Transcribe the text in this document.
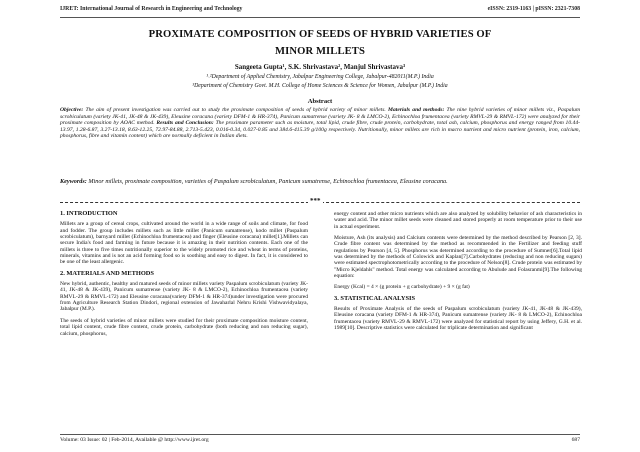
IJRET: International Journal of Research in Engineering and Technology	eISSN: 2319-1163 | pISSN: 2321-7308
PROXIMATE COMPOSITION OF SEEDS OF HYBRID VARIETIES OF
MINOR MILLETS
Sangeeta Gupta¹, S.K. Shrivastava², Manjul Shrivastava³
¹˒²Department of Applied Chemistry, Jabalpur Engineering College, Jabalpur-482011(M.P.) India
³Department of Chemistry Govt. M.H. College of Home Sciences & Science for Women, Jabalpur (M.P.) India
Abstract
Objective: The aim of present investigation was carried out to study the proximate composition of seeds of hybrid variety of minor millets. Materials and methods: The nine hybrid varieties of minor millets viz., Paspalum scrobiculatum (variety JK-41, JK-48 & JK-439), Eleusine coracana (variety DFM-1 & HR-374), Panicum sumatrense (variety JK- 8 & LMCO-2), Echinochloa frumentacea (variety RMVL-29 & RMVL-172) were analyzed for their proximate composition by AOAC method. Results and Conclusion: The proximate parameter such as moisture, total lipid, crude fibre, crude protein, carbohydrate, total ash, calcium, phosphorus and energy ranged from 10.44-13.97, 1.28-6.87, 3.27-13.18, 8.63-12.25, 72.97-84.88, 2.713-5.423, 0.016-0.34, 0.027-0.85 and 384.6-415.39 g/100g respectively. Nutritionally, minor millets are rich in macro nutrient and micro nutrient (protein, iron, calcium, phosphorus, fibre and vitamin content) which are normally deficient in Indian diets.
Keywords: Minor millets, proximate composition, varieties of Paspalum scrobiculatum, Panicum sumatrense, Echinochloa frumentacea, Eleusine coracana.
***
1. INTRODUCTION

Millets are a group of cereal crops, cultivated around the world in a wide range of soils and climate, for food and fodder. The group includes millets such as little millet (Panicum sumatrense), kodo millet (Paspalum scrobiculatum), barnyard millet (Echinochloa frumentacea) and finger (Eleusine coracana) millet[1].Millets can secure India's food and farming in future because it is amazing in their nutrition contents. Each one of the millets is three to five times nutritionally superior to the widely promoted rice and wheat in terms of proteins, minerals, vitamins and is not an acid forming food so is soothing and easy to digest. In fact, it is considered to be one of the least allergenic.

2. MATERIALS AND METHODS

New hybrid, authentic, healthy and matured seeds of minor millets variety Paspalum scrobiculatum (variety JK-41, JK-48 & JK-439), Panicum sumatrense (variety JK- 8 & LMCO-2), Echinochloa frumentacea (variety RMVL-29 & RMVL-172) and Eleusine coracana(variety DFM-1 & HR-374)under investigation were procured from Agriculture Research Station Dindori, regional extension of Jawaharlal Nehru Krishi Vishwavidyalaya, Jabalpur (M.P.).

The seeds of hybrid varieties of minor millets were studied for their proximate composition moisture content, total lipid content, crude fibre content, crude protein, carbohydrate (both reducing and non reducing sugar), calcium, phosphorus,

energy content and other micro nutrients which are also analyzed by solubility behavior of ash characteristics in water and acid. The minor millet seeds were cleaned and stored properly at room temperature prior to their use in actual experiment.

Moisture, Ash (its analysis) and Calcium contents were determined by the method described by Pearson [2, 3]. Crude fibre content was determined by the method as recommended in the Fertilizer and feeding stuff regulations by Pearson [4, 5]. Phosphorus was determined according to the procedure of Sumner[6].Total lipid was determined by the methods of Colowick and Kaplan[7].Carbohydrates (reducing and non reducing sugars) were estimated spectrophotometrically according to the procedure of Nelson[8]. Crude protein was estimated by "Micro Kjeldahls" method. Total energy was calculated according to Abulude and Folasranmi[9].The following equation:

Energy (Kcal) = 4 × (g protein + g carbohydrate) + 9 × (g fat)

3. STATISTICAL ANALYSIS

Results of Proximate Analysis of the seeds of Paspalum scrobiculatum (variety JK-41, JK-48 & JK-439), Eleusine coracana (variety DFM-1 & HR-374), Panicum sumatrense (variety JK- 8 & LMCO-2), Echinochloa frumentacea (variety RMVL-29 & RMVL-172) were analyzed for statistical report by using Jeffery, G.H. et al. 1989[10]. Descriptive statistics were calculated for triplicate determination and significant

Volume: 03 Issue: 02 | Feb-2014, Available @ http://www.ijret.org	687
